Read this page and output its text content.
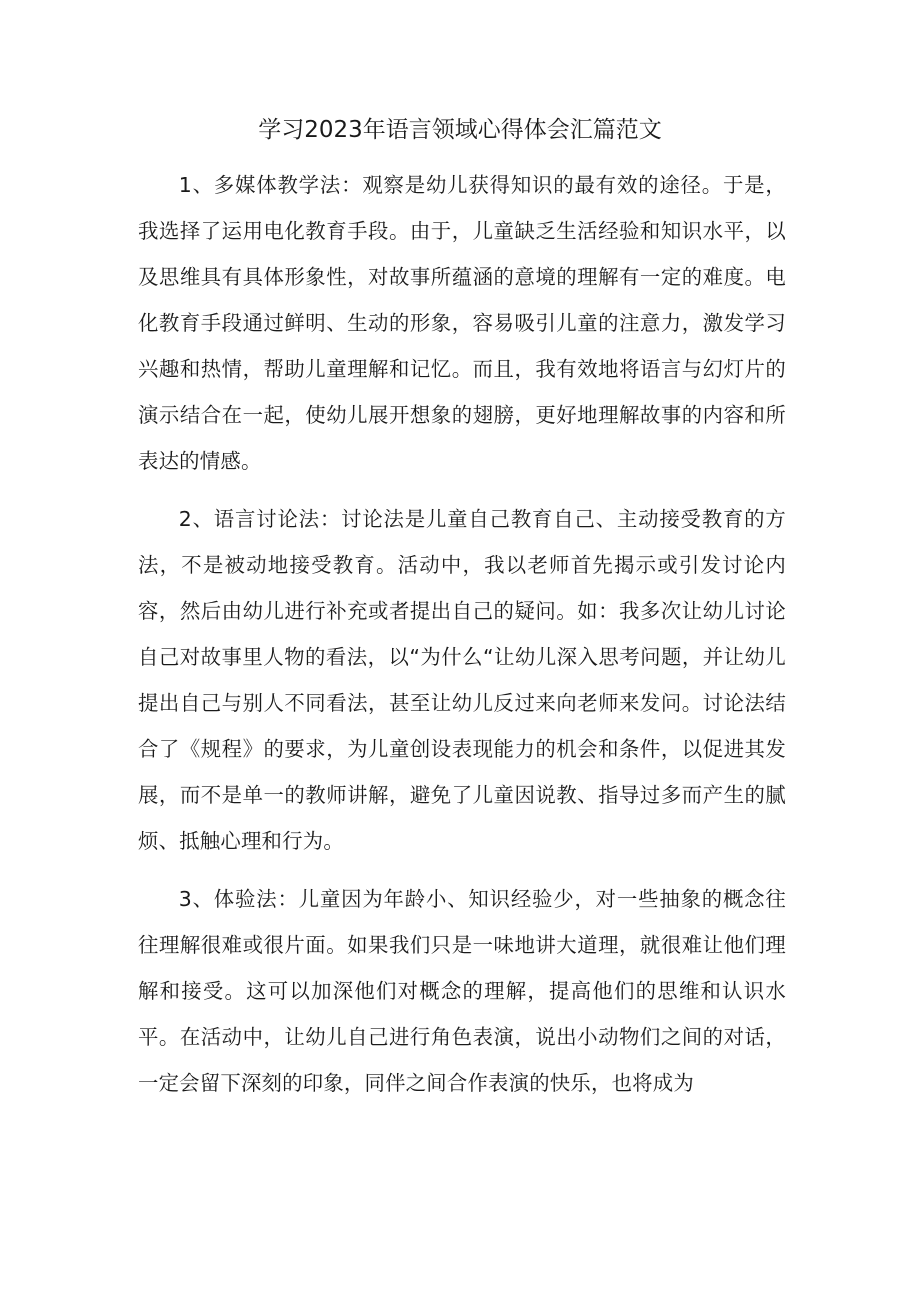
学习2023年语言领域心得体会汇篇范文

1、多媒体教学法：观察是幼儿获得知识的最有效的途径。于是，我选择了运用电化教育手段。由于，儿童缺乏生活经验和知识水平，以及思维具有具体形象性，对故事所蕴涵的意境的理解有一定的难度。电化教育手段通过鲜明、生动的形象，容易吸引儿童的注意力，激发学习兴趣和热情，帮助儿童理解和记忆。而且，我有效地将语言与幻灯片的演示结合在一起，使幼儿展开想象的翅膀，更好地理解故事的内容和所表达的情感。

2、语言讨论法：讨论法是儿童自己教育自己、主动接受教育的方法，不是被动地接受教育。活动中，我以老师首先揭示或引发讨论内容，然后由幼儿进行补充或者提出自己的疑问。如：我多次让幼儿讨论自己对故事里人物的看法，以“为什么“让幼儿深入思考问题，并让幼儿提出自己与别人不同看法，甚至让幼儿反过来向老师来发问。讨论法结合了《规程》的要求，为儿童创设表现能力的机会和条件，以促进其发展，而不是单一的教师讲解，避免了儿童因说教、指导过多而产生的腻烦、抵触心理和行为。

3、体验法：儿童因为年龄小、知识经验少，对一些抽象的概念往往理解很难或很片面。如果我们只是一味地讲大道理，就很难让他们理解和接受。这可以加深他们对概念的理解，提高他们的思维和认识水平。在活动中，让幼儿自己进行角色表演，说出小动物们之间的对话，一定会留下深刻的印象，同伴之间合作表演的快乐，也将成为
